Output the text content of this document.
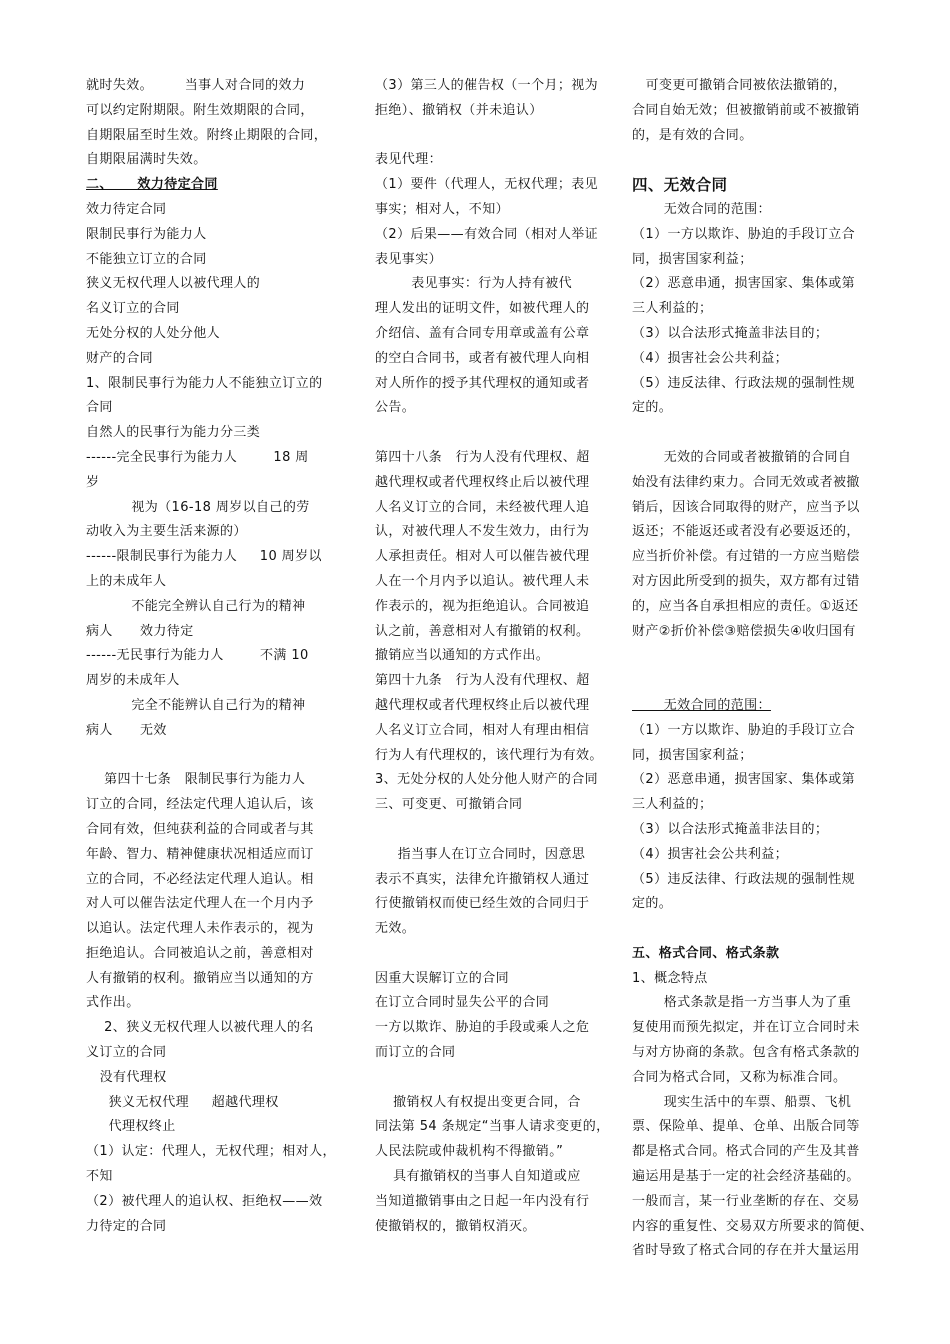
就时失效。       当事人对合同的效力
可以约定附期限。附生效期限的合同，
自期限届至时生效。附终止期限的合同，
自期限届满时失效。
二、     效力待定合同
效力待定合同
限制民事行为能力人
不能独立订立的合同
狭义无权代理人以被代理人的
名义订立的合同
无处分权的人处分他人
财产的合同
1、限制民事行为能力人不能独立订立的
合同
自然人的民事行为能力分三类
------完全民事行为能力人        18 周
岁
视为（16-18 周岁以自己的劳
动收入为主要生活来源的）
------限制民事行为能力人     10 周岁以
上的未成年人
不能完全辨认自己行为的精神
病人      效力待定
------无民事行为能力人        不满 10
周岁的未成年人
完全不能辨认自己行为的精神
病人      无效
第四十七条   限制民事行为能力人
订立的合同，经法定代理人追认后，该
合同有效，但纯获利益的合同或者与其
年龄、智力、精神健康状况相适应而订
立的合同，不必经法定代理人追认。相
对人可以催告法定代理人在一个月内予
以追认。法定代理人未作表示的，视为
拒绝追认。合同被追认之前，善意相对
人有撤销的权利。撤销应当以通知的方
式作出。
2、狭义无权代理人以被代理人的名
义订立的合同
没有代理权
狭义无权代理     超越代理权
代理权终止
（1）认定：代理人，无权代理；相对人，
不知
（2）被代理人的追认权、拒绝权——效
力待定的合同
（3）第三人的催告权（一个月；视为
拒绝）、撤销权（并未追认）
表见代理：
（1）要件（代理人，无权代理；表见
事实；相对人，不知）
（2）后果——有效合同（相对人举证
表见事实）
表见事实：行为人持有被代
理人发出的证明文件，如被代理人的
介绍信、盖有合同专用章或盖有公章
的空白合同书，或者有被代理人向相
对人所作的授予其代理权的通知或者
公告。
第四十八条   行为人没有代理权、超
越代理权或者代理权终止后以被代理
人名义订立的合同，未经被代理人追
认，对被代理人不发生效力，由行为
人承担责任。相对人可以催告被代理
人在一个月内予以追认。被代理人未
作表示的，视为拒绝追认。合同被追
认之前，善意相对人有撤销的权利。
撤销应当以通知的方式作出。
第四十九条   行为人没有代理权、超
越代理权或者代理权终止后以被代理
人名义订立合同，相对人有理由相信
行为人有代理权的，该代理行为有效。
3、无处分权的人处分他人财产的合同
三、可变更、可撤销合同
指当事人在订立合同时，因意思
表示不真实，法律允许撤销权人通过
行使撤销权而使已经生效的合同归于
无效。
因重大误解订立的合同
在订立合同时显失公平的合同
一方以欺诈、胁迫的手段或乘人之危
而订立的合同
撤销权人有权提出变更合同，合
同法第 54 条规定“当事人请求变更的，
人民法院或仲裁机构不得撤销。”
具有撤销权的当事人自知道或应
当知道撤销事由之日起一年内没有行
使撤销权的，撤销权消灭。
可变更可撤销合同被依法撤销的，
合同自始无效；但被撤销前或不被撤销
的，是有效的合同。
四、无效合同
无效合同的范围：
（1）一方以欺诈、胁迫的手段订立合
同，损害国家利益；
（2）恶意串通，损害国家、集体或第
三人利益的；
（3）以合法形式掩盖非法目的；
（4）损害社会公共利益；
（5）违反法律、行政法规的强制性规
定的。
无效的合同或者被撤销的合同自
始没有法律约束力。合同无效或者被撤
销后，因该合同取得的财产，应当予以
返还；不能返还或者没有必要返还的，
应当折价补偿。有过错的一方应当赔偿
对方因此所受到的损失，双方都有过错
的，应当各自承担相应的责任。①返还
财产②折价补偿③赔偿损失④收归国有
无效合同的范围：
（1）一方以欺诈、胁迫的手段订立合
同，损害国家利益；
（2）恶意串通，损害国家、集体或第
三人利益的；
（3）以合法形式掩盖非法目的；
（4）损害社会公共利益；
（5）违反法律、行政法规的强制性规
定的。
五、格式合同、格式条款
1、概念特点
格式条款是指一方当事人为了重
复使用而预先拟定，并在订立合同时未
与对方协商的条款。包含有格式条款的
合同为格式合同，又称为标准合同。
现实生活中的车票、船票、飞机
票、保险单、提单、仓单、出版合同等
都是格式合同。格式合同的产生及其普
遍运用是基于一定的社会经济基础的。
一般而言，某一行业垄断的存在、交易
内容的重复性、交易双方所要求的简便、
省时导致了格式合同的存在并大量运用
